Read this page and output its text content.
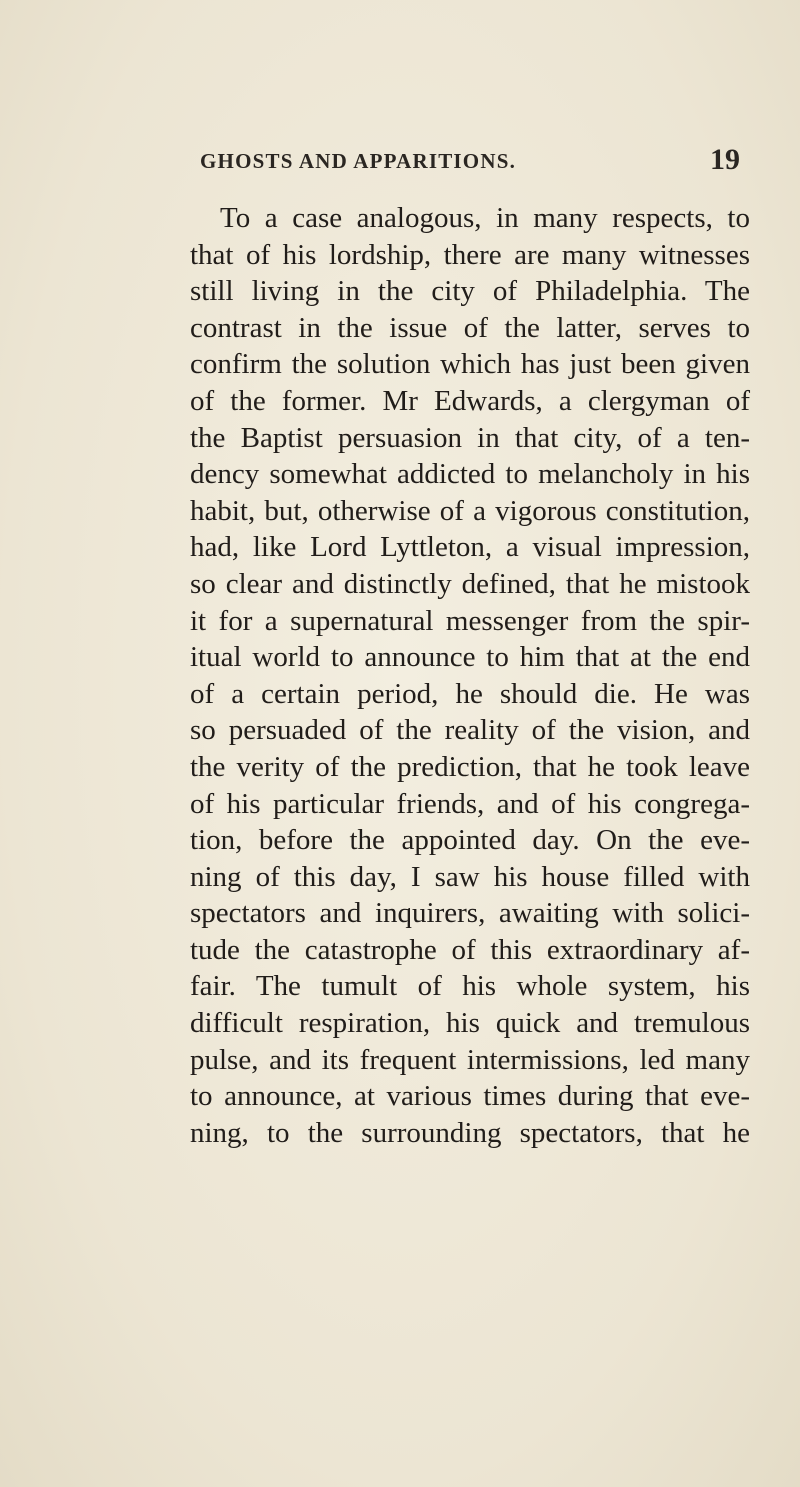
GHOSTS AND APPARITIONS.	19
To a case analogous, in many respects, to
that of his lordship, there are many witnesses
still living in the city of Philadelphia. The
contrast in the issue of the latter, serves to
confirm the solution which has just been given
of the former. Mr Edwards, a clergyman of
the Baptist persuasion in that city, of a ten-
dency somewhat addicted to melancholy in his
habit, but, otherwise of a vigorous constitution,
had, like Lord Lyttleton, a visual impression,
so clear and distinctly defined, that he mistook
it for a supernatural messenger from the spir-
itual world to announce to him that at the end
of a certain period, he should die. He was
so persuaded of the reality of the vision, and
the verity of the prediction, that he took leave
of his particular friends, and of his congrega-
tion, before the appointed day. On the eve-
ning of this day, I saw his house filled with
spectators and inquirers, awaiting with solici-
tude the catastrophe of this extraordinary af-
fair. The tumult of his whole system, his
difficult respiration, his quick and tremulous
pulse, and its frequent intermissions, led many
to announce, at various times during that eve-
ning, to the surrounding spectators, that he
